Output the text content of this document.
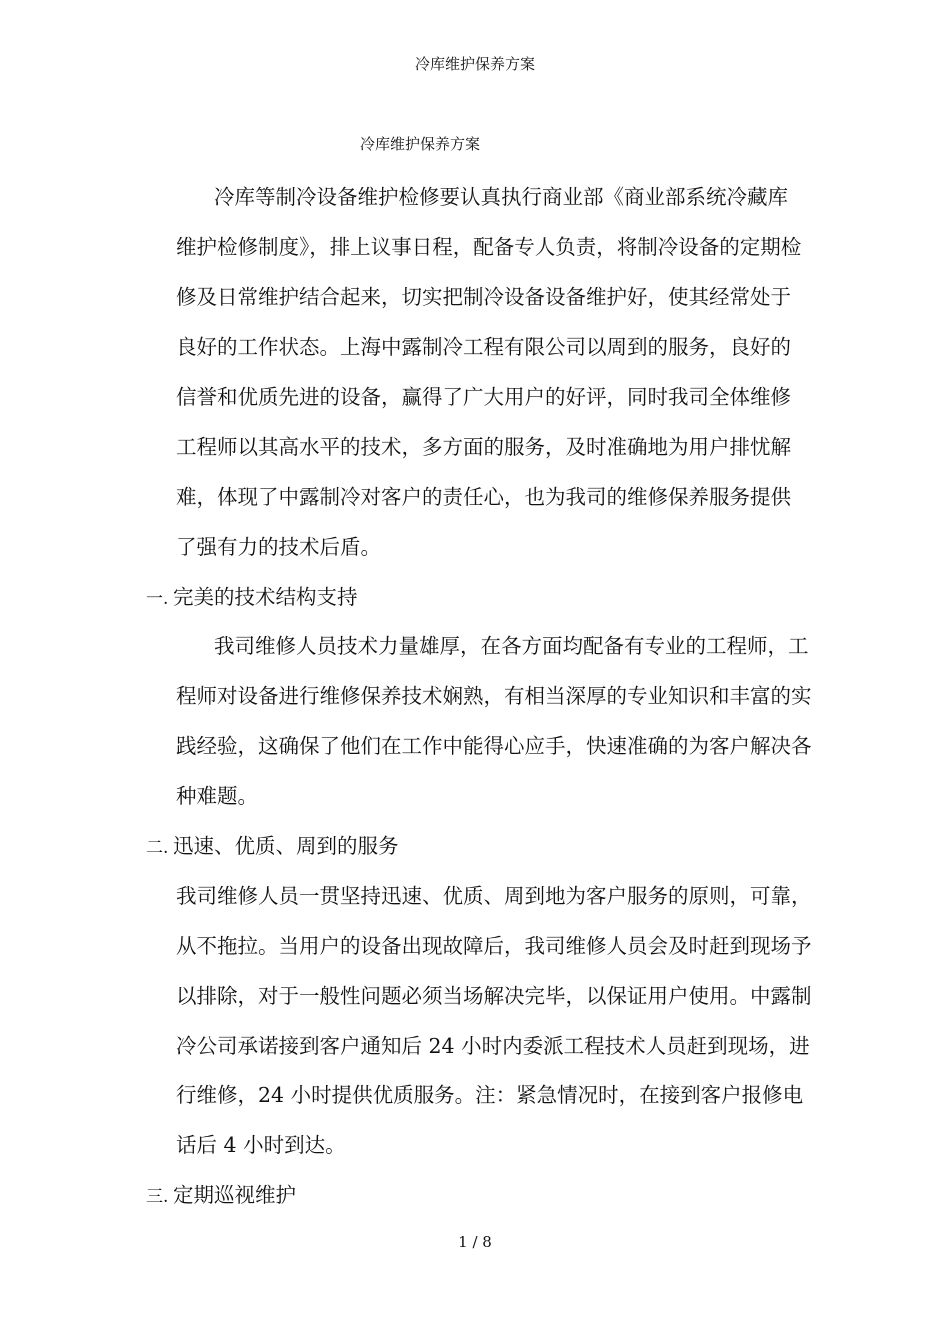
冷库维护保养方案
冷库维护保养方案
冷库等制冷设备维护检修要认真执行商业部《商业部系统冷藏库
维护检修制度》，排上议事日程，配备专人负责，将制冷设备的定期检
修及日常维护结合起来，切实把制冷设备设备维护好，使其经常处于
良好的工作状态。上海中露制冷工程有限公司以周到的服务，良好的
信誉和优质先进的设备，赢得了广大用户的好评，同时我司全体维修
工程师以其高水平的技术，多方面的服务，及时准确地为用户排忧解
难，体现了中露制冷对客户的责任心，也为我司的维修保养服务提供
了强有力的技术后盾。
一. 完美的技术结构支持
我司维修人员技术力量雄厚，在各方面均配备有专业的工程师，工
程师对设备进行维修保养技术娴熟，有相当深厚的专业知识和丰富的实
践经验，这确保了他们在工作中能得心应手，快速准确的为客户解决各
种难题。
二. 迅速、优质、周到的服务
我司维修人员一贯坚持迅速、优质、周到地为客户服务的原则，可靠，
从不拖拉。当用户的设备出现故障后，我司维修人员会及时赶到现场予
以排除，对于一般性问题必须当场解决完毕，以保证用户使用。中露制
冷公司承诺接到客户通知后 24 小时内委派工程技术人员赶到现场，进
行维修，24 小时提供优质服务。注：紧急情况时，在接到客户报修电
话后 4 小时到达。
三. 定期巡视维护
1 / 8
